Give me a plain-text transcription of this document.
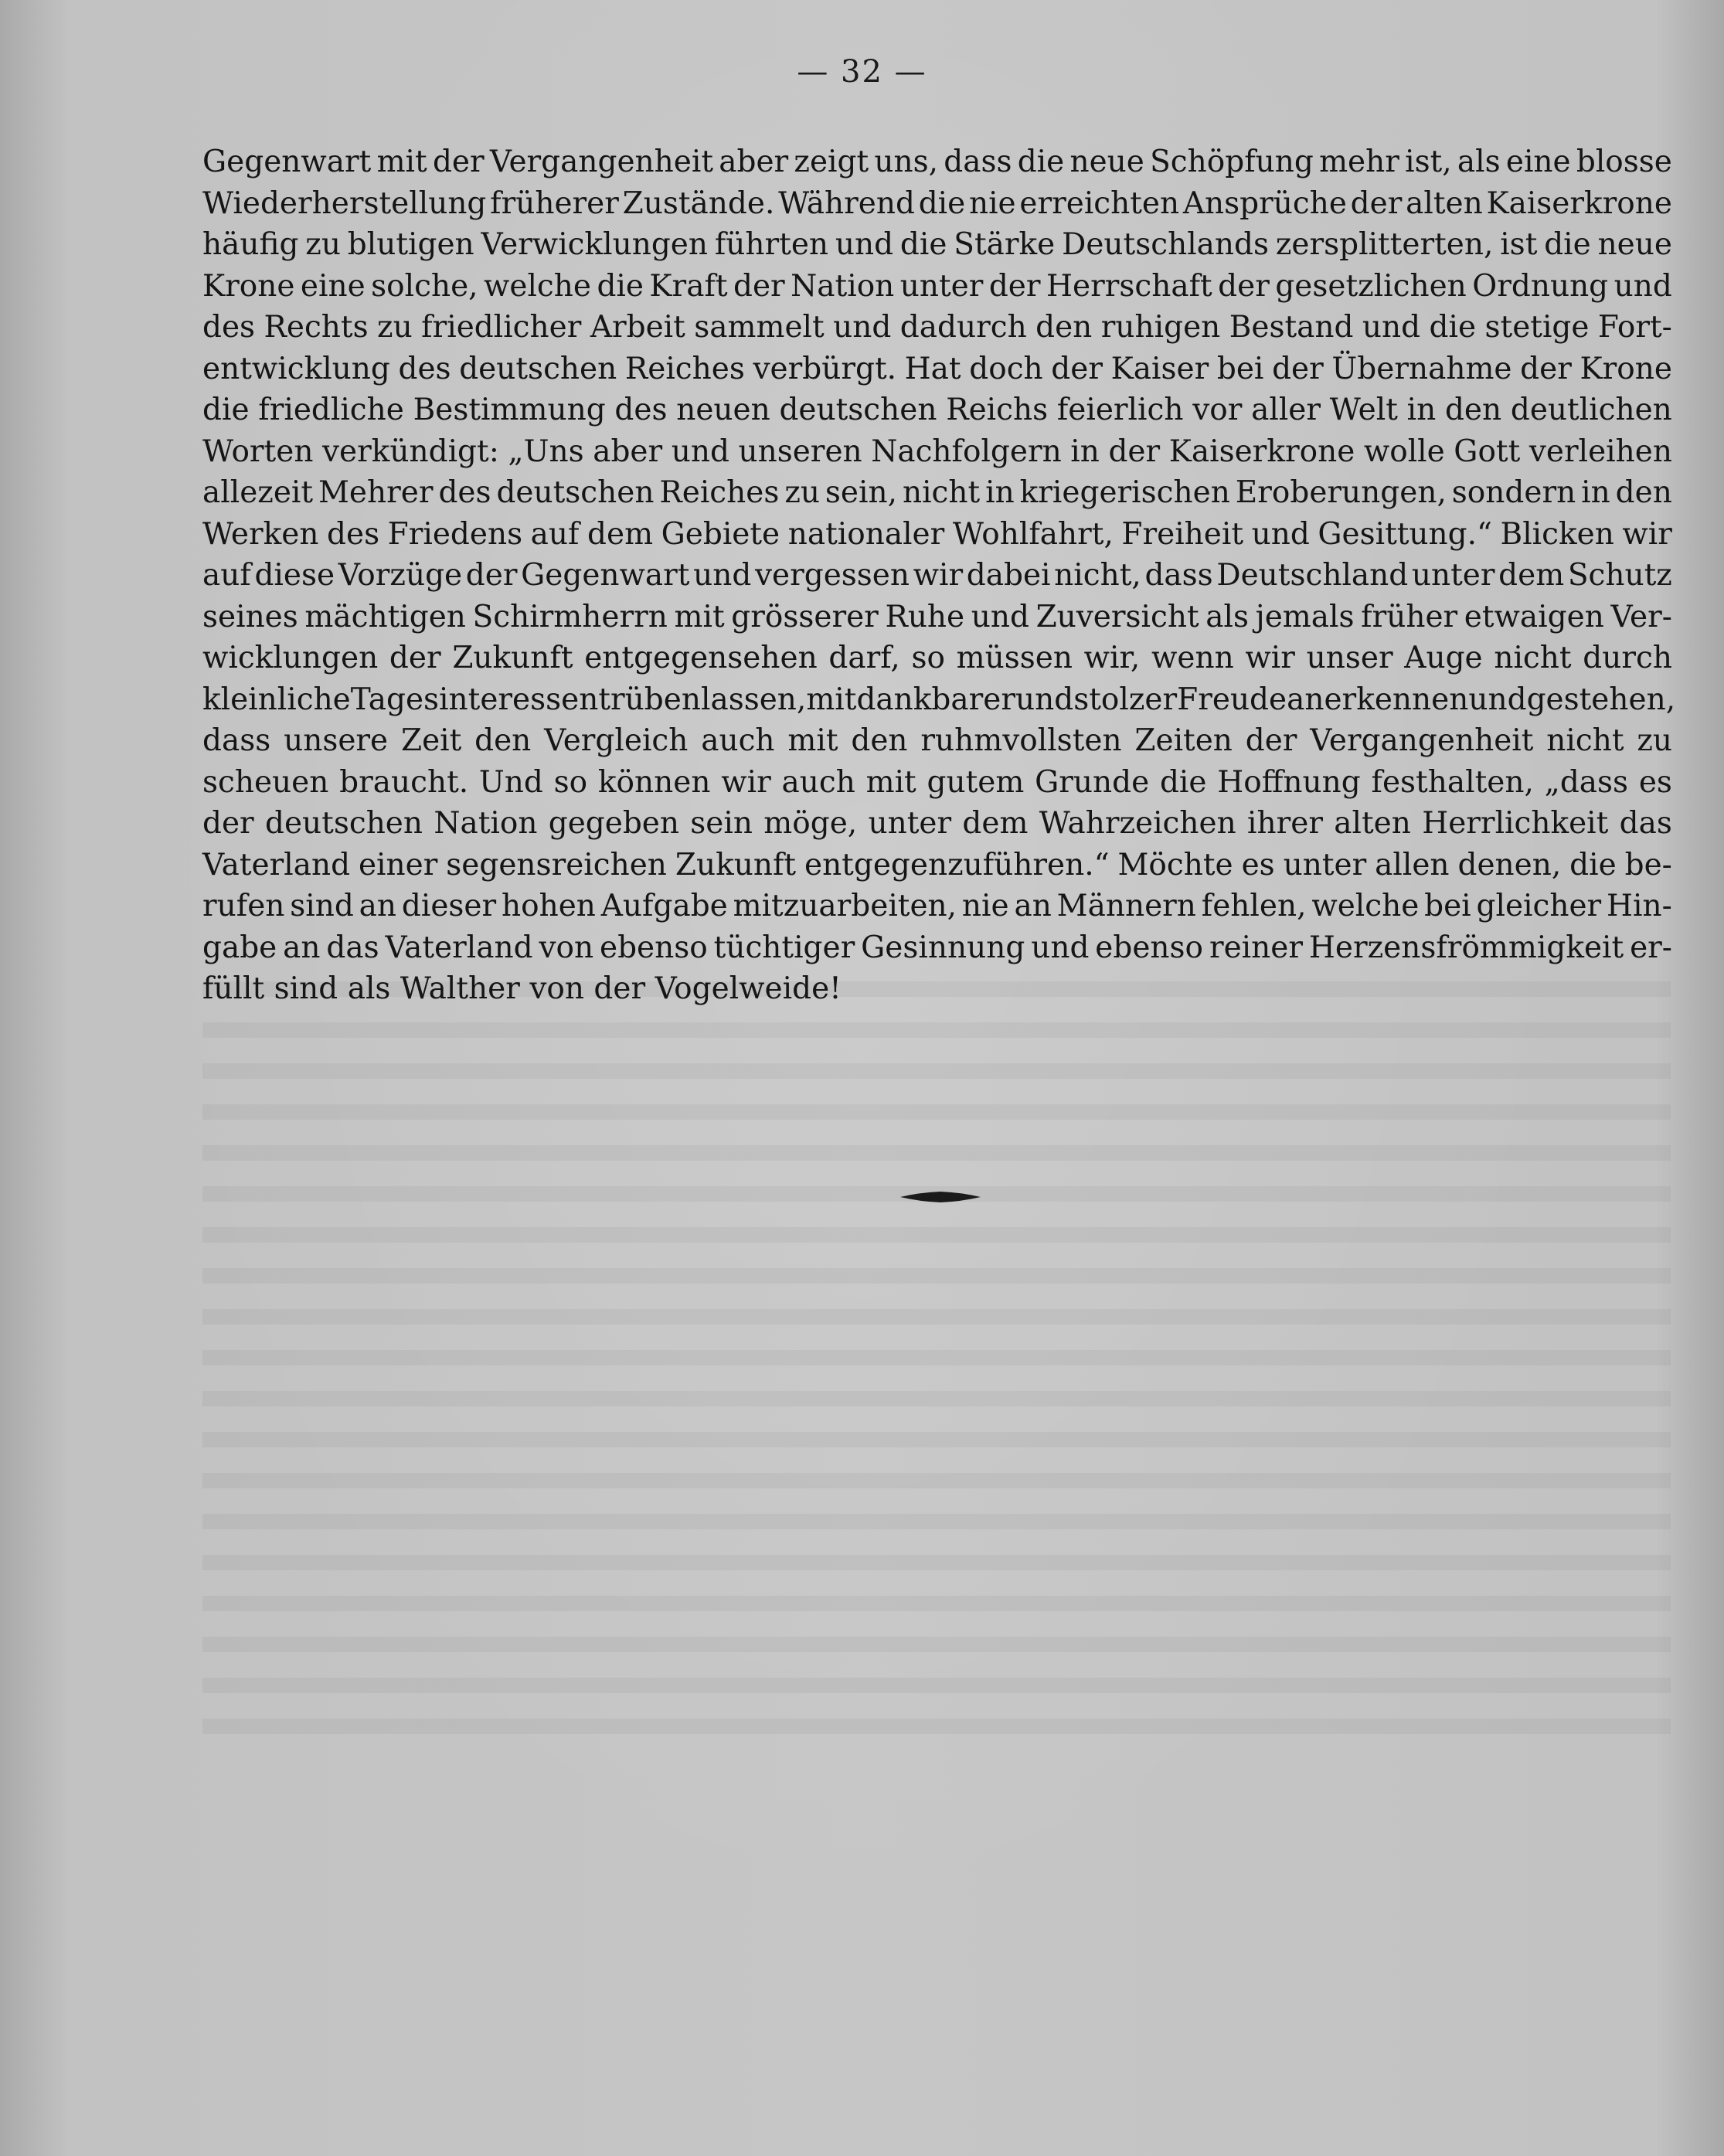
— 32 —
Gegenwart mit der Vergangenheit aber zeigt uns, dass die neue Schöpfung mehr ist, als eine blosse
Wiederherstellung früherer Zustände. Während die nie erreichten Ansprüche der alten Kaiserkrone
häufig zu blutigen Verwicklungen führten und die Stärke Deutschlands zersplitterten, ist die neue
Krone eine solche, welche die Kraft der Nation unter der Herrschaft der gesetzlichen Ordnung und
des Rechts zu friedlicher Arbeit sammelt und dadurch den ruhigen Bestand und die stetige Fort-
entwicklung des deutschen Reiches verbürgt. Hat doch der Kaiser bei der Übernahme der Krone
die friedliche Bestimmung des neuen deutschen Reichs feierlich vor aller Welt in den deutlichen
Worten verkündigt: „Uns aber und unseren Nachfolgern in der Kaiserkrone wolle Gott verleihen
allezeit Mehrer des deutschen Reiches zu sein, nicht in kriegerischen Eroberungen, sondern in den
Werken des Friedens auf dem Gebiete nationaler Wohlfahrt, Freiheit und Gesittung.“ Blicken wir
auf diese Vorzüge der Gegenwart und vergessen wir dabei nicht, dass Deutschland unter dem Schutz
seines mächtigen Schirmherrn mit grösserer Ruhe und Zuversicht als jemals früher etwaigen Ver-
wicklungen der Zukunft entgegensehen darf, so müssen wir, wenn wir unser Auge nicht durch
kleinliche Tagesinteressen trüben lassen, mit dankbarer und stolzer Freude anerkennen und gestehen,
dass unsere Zeit den Vergleich auch mit den ruhmvollsten Zeiten der Vergangenheit nicht zu
scheuen braucht. Und so können wir auch mit gutem Grunde die Hoffnung festhalten, „dass es
der deutschen Nation gegeben sein möge, unter dem Wahrzeichen ihrer alten Herrlichkeit das
Vaterland einer segensreichen Zukunft entgegenzuführen.“ Möchte es unter allen denen, die be-
rufen sind an dieser hohen Aufgabe mitzuarbeiten, nie an Männern fehlen, welche bei gleicher Hin-
gabe an das Vaterland von ebenso tüchtiger Gesinnung und ebenso reiner Herzensfrömmigkeit er-
füllt sind als Walther von der Vogelweide!
